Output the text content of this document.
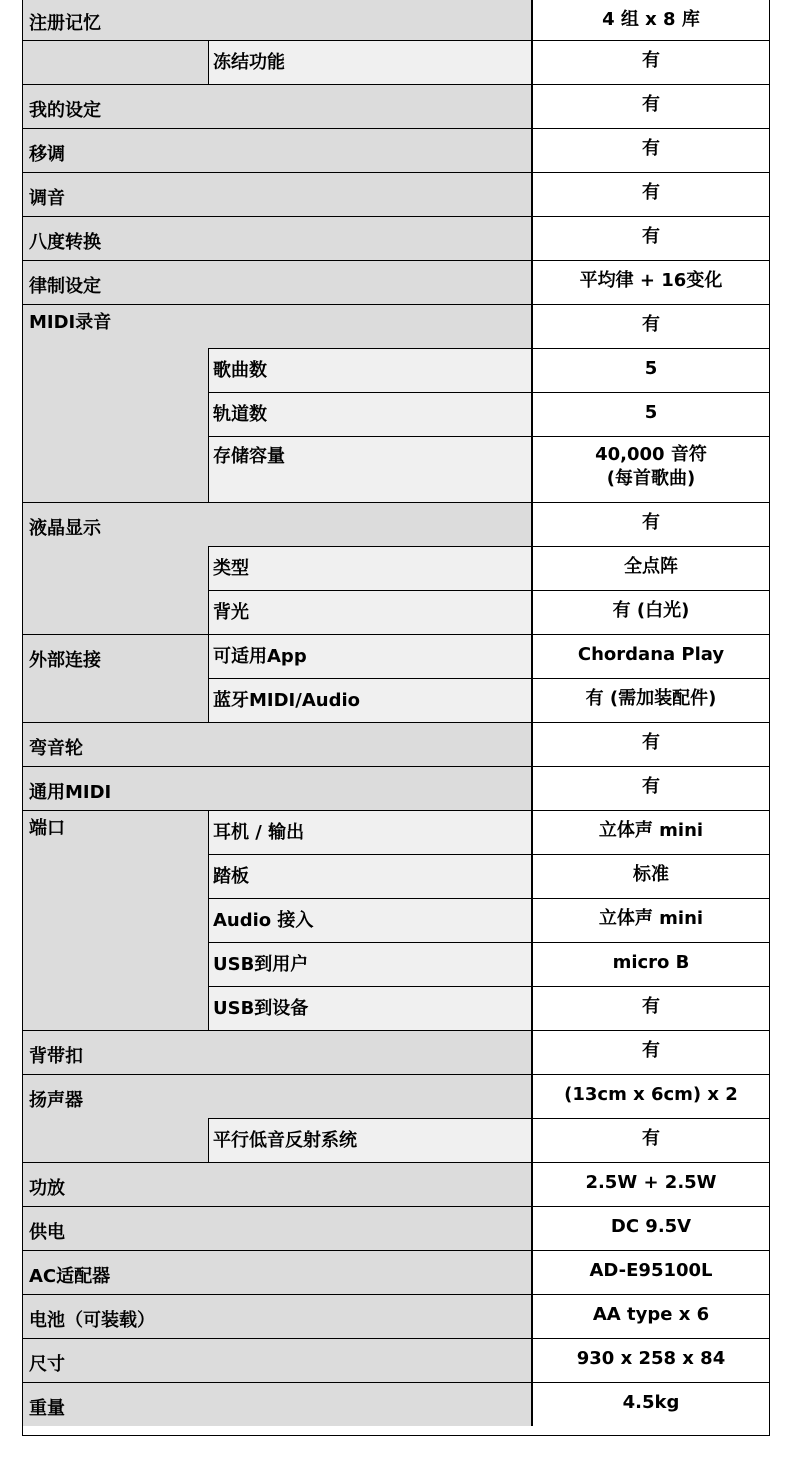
注册记忆	4 组 x 8 库
冻结功能	有
我的设定	有
移调	有
调音	有
八度转换	有
律制设定	平均律 + 16变化
MIDI录音	有
歌曲数	5
轨道数	5
存储容量	40,000 音符
(每首歌曲)
液晶显示	有
类型	全点阵
背光	有 (白光)
外部连接	可适用App	Chordana Play
蓝牙MIDI/Audio	有 (需加装配件)
弯音轮	有
通用MIDI	有
端口	耳机 / 输出	立体声 mini
踏板	标准
Audio 接入	立体声 mini
USB到用户	micro B
USB到设备	有
背带扣	有
扬声器	(13cm x 6cm) x 2
平行低音反射系统	有
功放	2.5W + 2.5W
供电	DC 9.5V
AC适配器	AD-E95100L
电池（可装载）	AA type x 6
尺寸	930 x 258 x 84
重量	4.5kg
